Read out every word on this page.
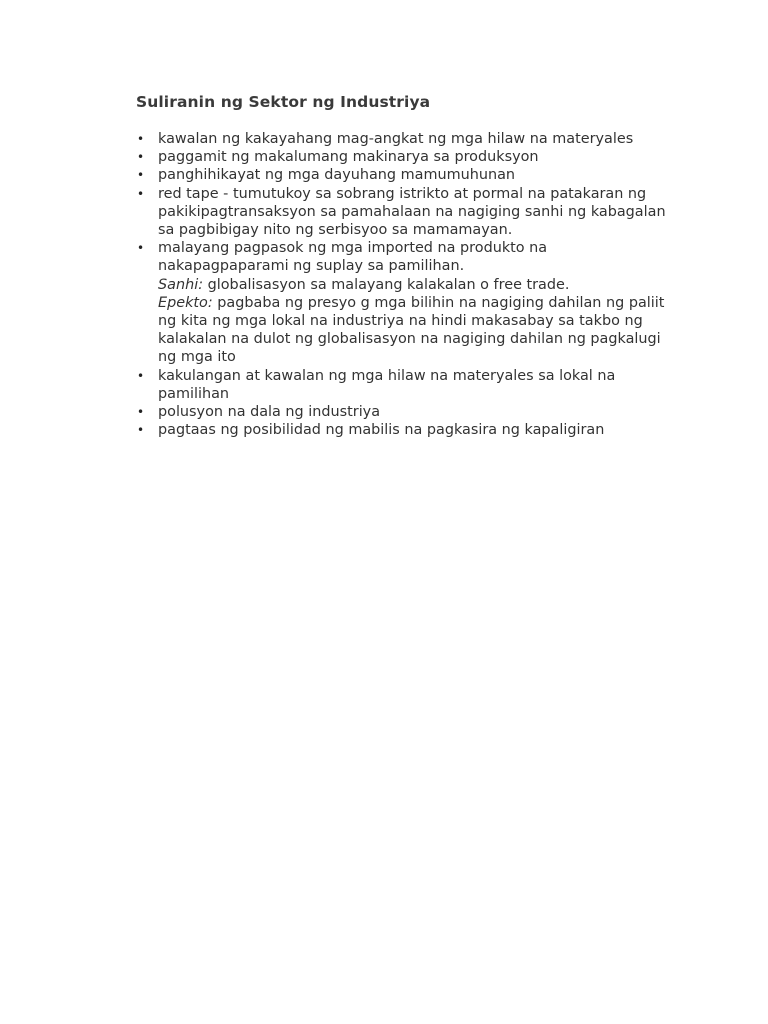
Suliranin ng Sektor ng Industriya
• kawalan ng kakayahang mag-angkat ng mga hilaw na materyales
• paggamit ng makalumang makinarya sa produksyon
• panghihikayat ng mga dayuhang mamumuhunan
• red tape - tumutukoy sa sobrang istrikto at pormal na patakaran ng pakikipagtransaksyon sa pamahalaan na nagiging sanhi ng kabagalan sa pagbibigay nito ng serbisyoo sa mamamayan.
• malayang pagpasok ng mga imported na produkto na nakapagpaparami ng suplay sa pamilihan.
Sanhi: globalisasyon sa malayang kalakalan o free trade.
Epekto: pagbaba ng presyo g mga bilihin na nagiging dahilan ng paliit ng kita ng mga lokal na industriya na hindi makasabay sa takbo ng kalakalan na dulot ng globalisasyon na nagiging dahilan ng pagkalugi ng mga ito
• kakulangan at kawalan ng mga hilaw na materyales sa lokal na pamilihan
• polusyon na dala ng industriya
• pagtaas ng posibilidad ng mabilis na pagkasira ng kapaligiran
